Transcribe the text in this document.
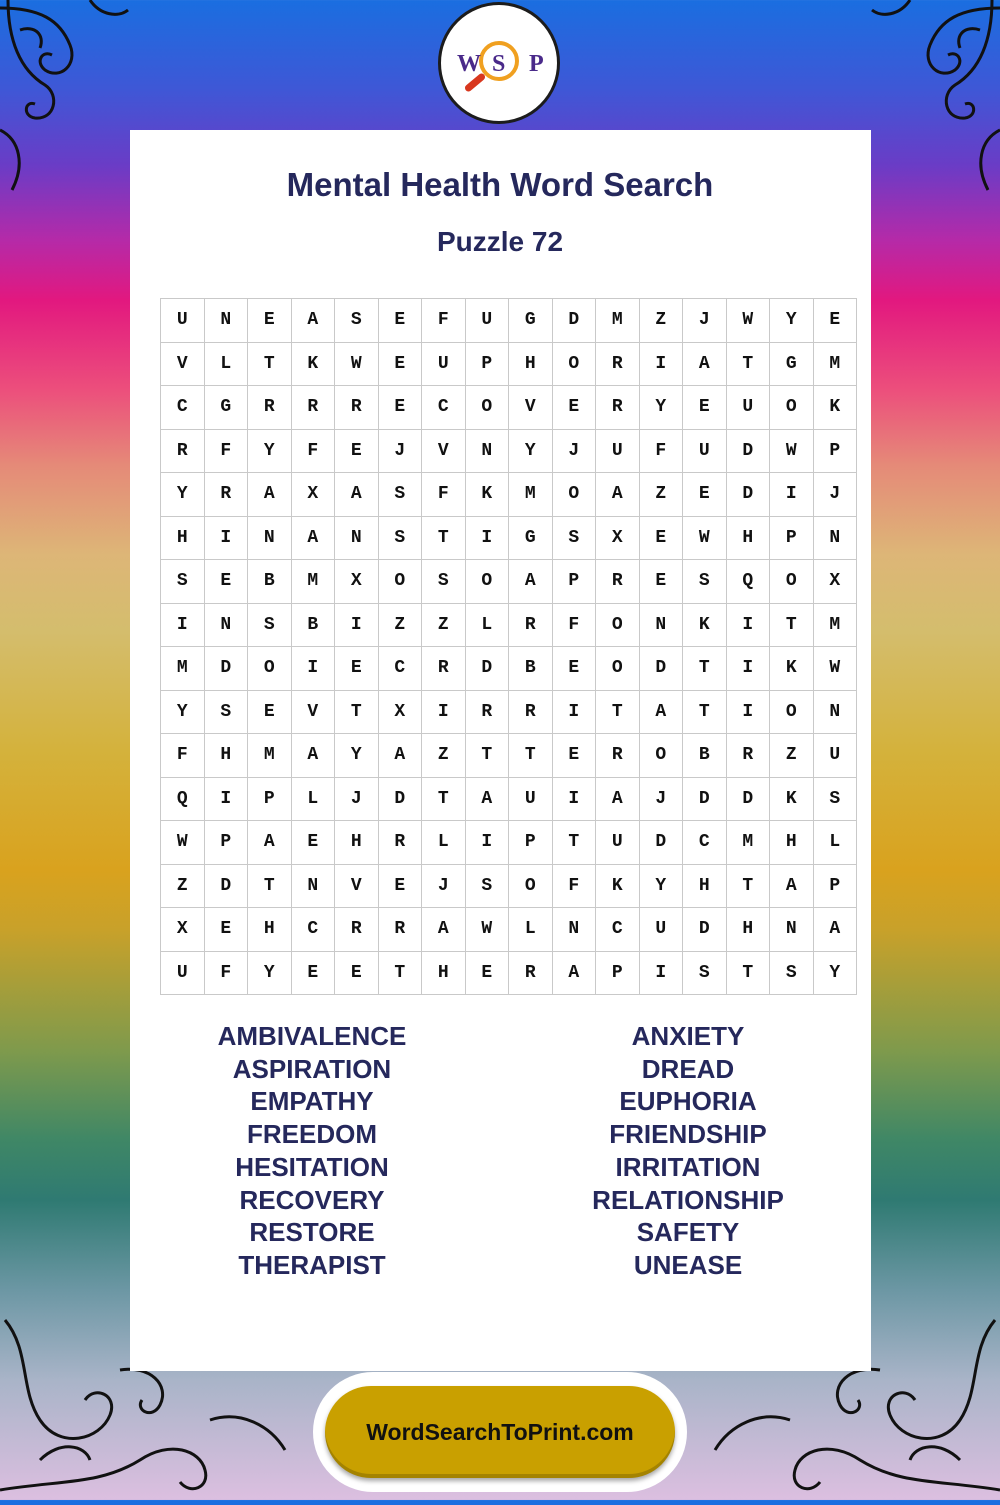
W S P
Mental Health Word Search
Puzzle 72
U	N	E	A	S	E	F	U	G	D	M	Z	J	W	Y	E
V	L	T	K	W	E	U	P	H	O	R	I	A	T	G	M
C	G	R	R	R	E	C	O	V	E	R	Y	E	U	O	K
R	F	Y	F	E	J	V	N	Y	J	U	F	U	D	W	P
Y	R	A	X	A	S	F	K	M	O	A	Z	E	D	I	J
H	I	N	A	N	S	T	I	G	S	X	E	W	H	P	N
S	E	B	M	X	O	S	O	A	P	R	E	S	Q	O	X
I	N	S	B	I	Z	Z	L	R	F	O	N	K	I	T	M
M	D	O	I	E	C	R	D	B	E	O	D	T	I	K	W
Y	S	E	V	T	X	I	R	R	I	T	A	T	I	O	N
F	H	M	A	Y	A	Z	T	T	E	R	O	B	R	Z	U
Q	I	P	L	J	D	T	A	U	I	A	J	D	D	K	S
W	P	A	E	H	R	L	I	P	T	U	D	C	M	H	L
Z	D	T	N	V	E	J	S	O	F	K	Y	H	T	A	P
X	E	H	C	R	R	A	W	L	N	C	U	D	H	N	A
U	F	Y	E	E	T	H	E	R	A	P	I	S	T	S	Y
AMBIVALENCE
ASPIRATION
EMPATHY
FREEDOM
HESITATION
RECOVERY
RESTORE
THERAPIST
ANXIETY
DREAD
EUPHORIA
FRIENDSHIP
IRRITATION
RELATIONSHIP
SAFETY
UNEASE
WordSearchToPrint.com
